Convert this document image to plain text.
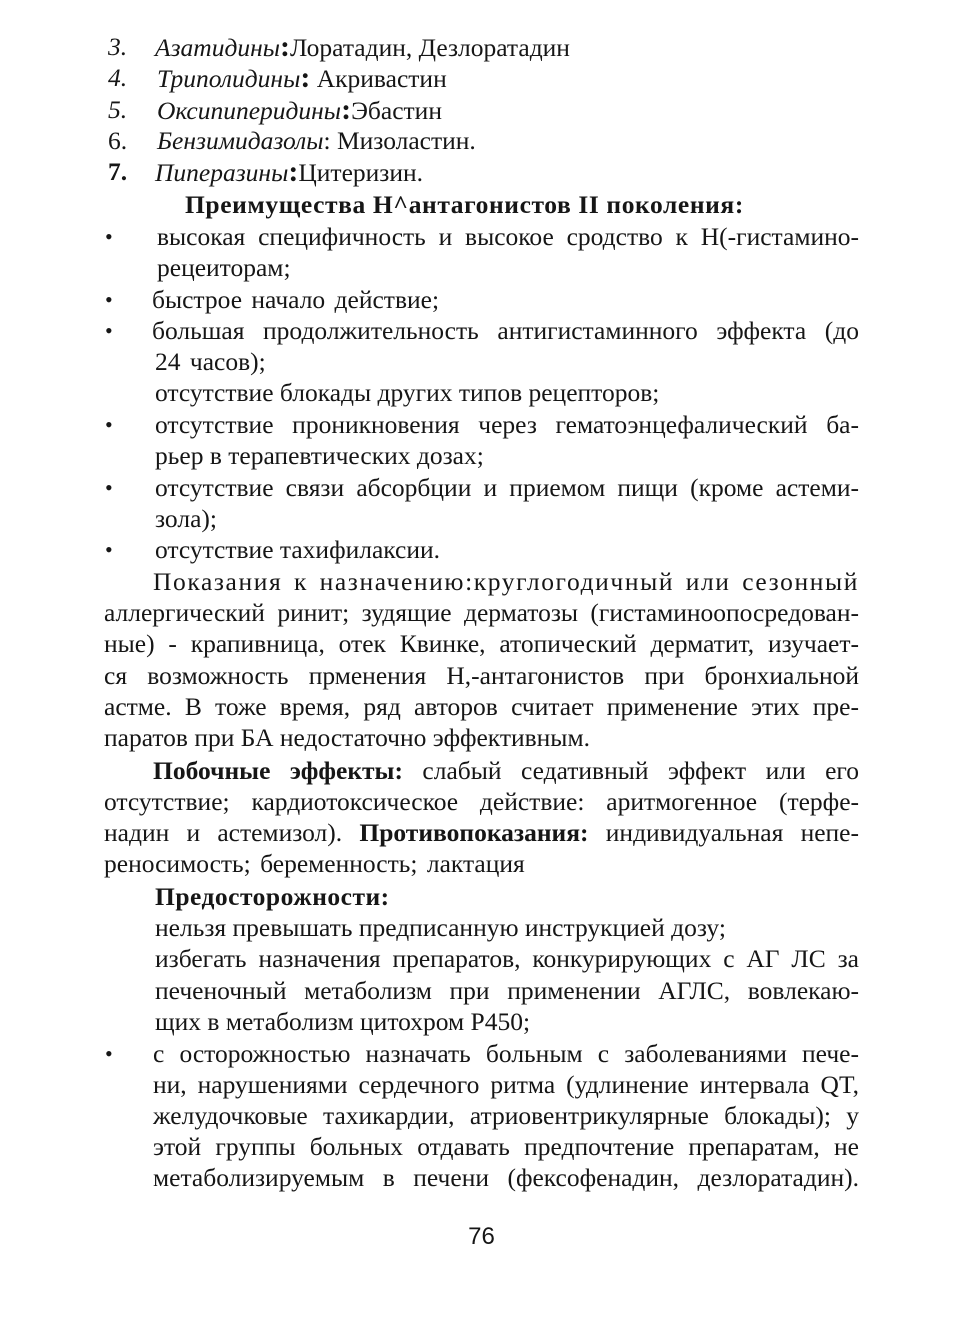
3. Азатидины:Лоратадин, Дезлоратадин
4. Триполидины: Акривастин
5. Оксипиперидины:Эбастин
6. Бензимидазолы: Мизоластин.
7. Пиперазины:Цитеризин.
Преимущества Н^антагонистов II поколения:
• высокая специфичность и высокое сродство к Н(-гистамино-
рецеиторам;
• быстрое начало действие;
• большая продолжительность антигистаминного эффекта (до
24 часов);
отсутствие блокады других типов рецепторов;
• отсутствие проникновения через гематоэнцефалический ба-
рьер в терапевтических дозах;
• отсутствие связи абсорбции и приемом пищи (кроме астеми-
зола);
• отсутствие тахифилаксии.
Показания к назначению:круглогодичный или сезонный
аллергический ринит; зудящие дерматозы (гистаминоопосредован-
ные) - крапивница, отек Квинке, атопический дерматит, изучает-
ся возможность прменения Н,-антагонистов при бронхиальной
астме. В тоже время, ряд авторов считает применение этих пре-
паратов при БА недостаточно эффективным.
Побочные эффекты: слабый седативный эффект или его
отсутствие; кардиотоксическое действие: аритмогенное (терфе-
надин и астемизол). Противопоказания: индивидуальная непе-
реносимость; беременность; лактация
Предосторожности:
нельзя превышать предписанную инструкцией дозу;
избегать назначения препаратов, конкурирующих с АГ ЛС за
печеночный метаболизм при применении АГЛС, вовлекаю-
щих в метаболизм цитохром Р450;
• с осторожностью назначать больным с заболеваниями пече-
ни, нарушениями сердечного ритма (удлинение интервала QT,
желудочковые тахикардии, атриовентрикулярные блокады); у
этой группы больных отдавать предпочтение препаратам, не
метаболизируемым в печени (фексофенадин, дезлоратадин).
76
